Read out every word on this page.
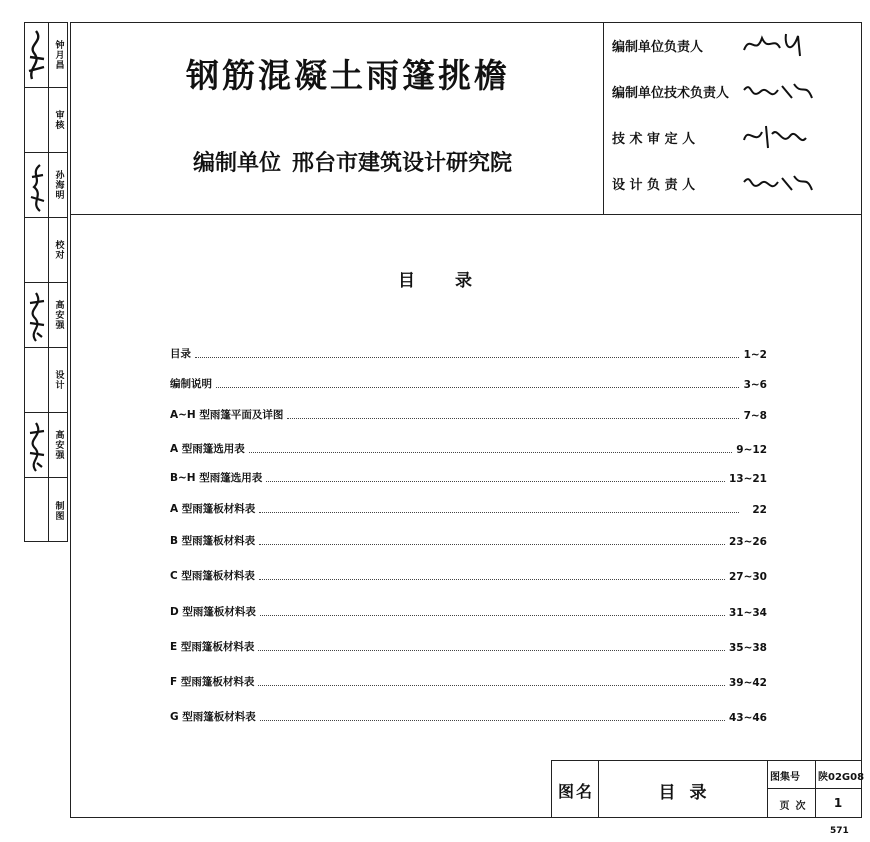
钟月昌
审核
孙海明
校对
高安强
设计
高安强
制图
钢筋混凝土雨篷挑檐
编制单位 邢台市建筑设计研究院
编制单位负责人
编制单位技术负责人
技 术 审 定 人
设 计 负 责 人
目录
目录	1~2
编制说明	3~6
A~H 型雨篷平面及详图	7~8
A 型雨篷选用表	9~12
B~H 型雨篷选用表	13~21
A 型雨篷板材料表	22
B 型雨篷板材料表	23~26
C 型雨篷板材料表	27~30
D 型雨篷板材料表	31~34
E 型雨篷板材料表	35~38
F 型雨篷板材料表	39~42
G 型雨篷板材料表	43~46
图名	目录
图集号 陕02G08
页次	1
571
